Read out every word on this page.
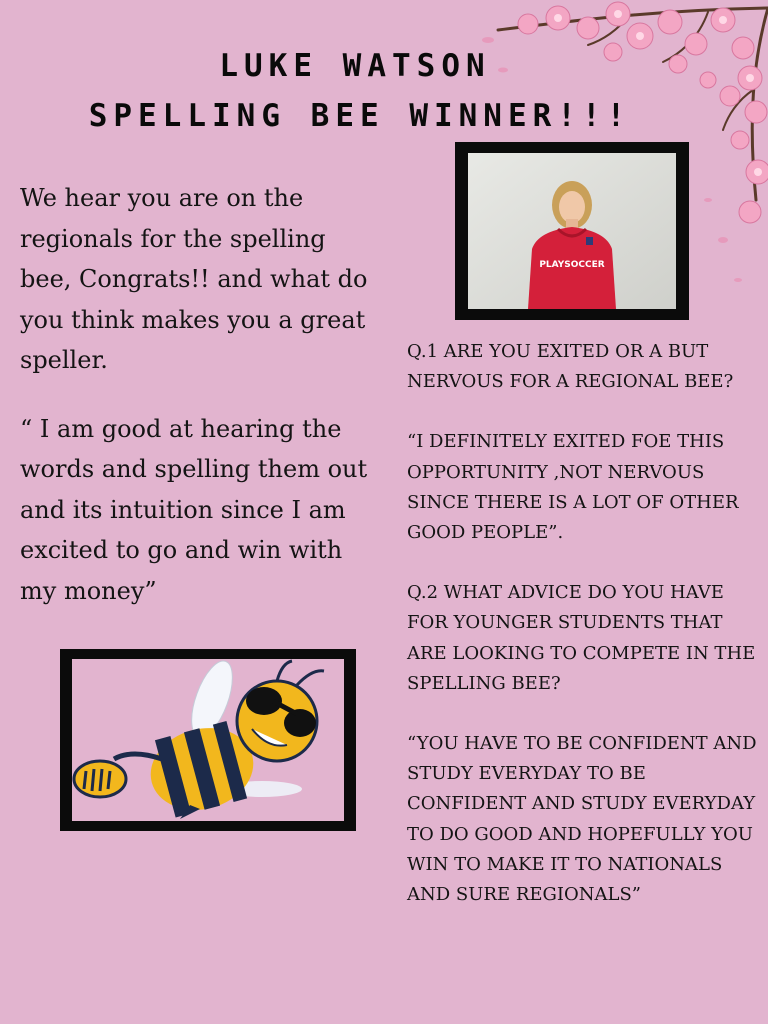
LUKE WATSON
SPELLING BEE WINNER!!!

We hear you are on the regionals for the spelling bee, Congrats!! and what do you think makes you a great speller.

“ I am good at hearing the words and spelling them out and its intuition since I am excited to go and win with my money”

PLAYSOCCER

Q.1 ARE YOU EXITED OR A BUT NERVOUS FOR A REGIONAL BEE?

“I DEFINITELY EXITED FOE THIS OPPORTUNITY ,NOT NERVOUS SINCE THERE IS A LOT OF OTHER GOOD PEOPLE”.

Q.2 WHAT ADVICE DO YOU HAVE FOR YOUNGER STUDENTS THAT ARE LOOKING TO COMPETE IN THE SPELLING BEE?

“YOU HAVE TO BE CONFIDENT AND STUDY EVERYDAY TO BE CONFIDENT AND STUDY EVERYDAY TO DO GOOD AND HOPEFULLY YOU WIN TO MAKE IT TO NATIONALS AND SURE REGIONALS”
